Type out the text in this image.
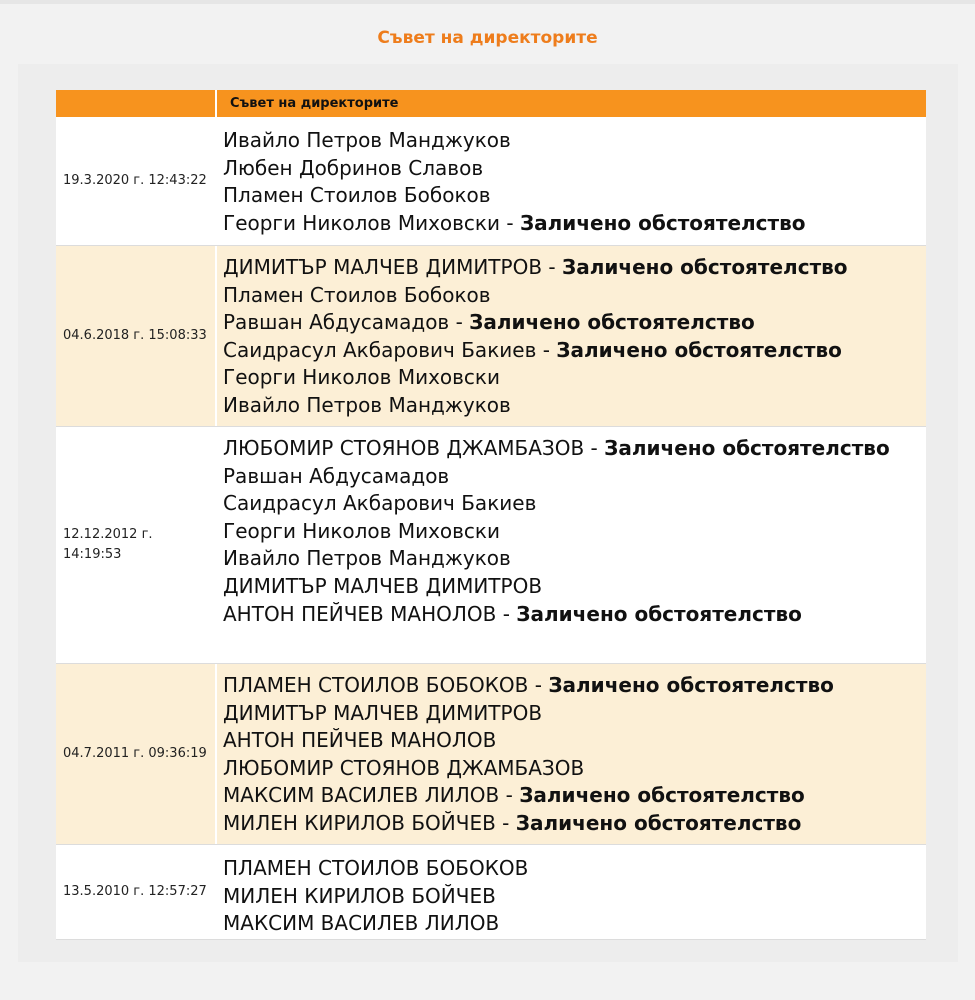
Съвет на директорите
Съвет на директорите
19.3.2020 г. 12:43:22
Ивайло Петров Манджуков
Любен Добринов Славов
Пламен Стоилов Бобоков
Георги Николов Миховски - Заличено обстоятелство
04.6.2018 г. 15:08:33
ДИМИТЪР МАЛЧЕВ ДИМИТРОВ - Заличено обстоятелство
Пламен Стоилов Бобоков
Равшан Абдусамадов - Заличено обстоятелство
Саидрасул Акбарович Бакиев - Заличено обстоятелство
Георги Николов Миховски
Ивайло Петров Манджуков
12.12.2012 г. 14:19:53
ЛЮБОМИР СТОЯНОВ ДЖАМБАЗОВ - Заличено обстоятелство
Равшан Абдусамадов
Саидрасул Акбарович Бакиев
Георги Николов Миховски
Ивайло Петров Манджуков
ДИМИТЪР МАЛЧЕВ ДИМИТРОВ
АНТОН ПЕЙЧЕВ МАНОЛОВ - Заличено обстоятелство
04.7.2011 г. 09:36:19
ПЛАМЕН СТОИЛОВ БОБОКОВ - Заличено обстоятелство
ДИМИТЪР МАЛЧЕВ ДИМИТРОВ
АНТОН ПЕЙЧЕВ МАНОЛОВ
ЛЮБОМИР СТОЯНОВ ДЖАМБАЗОВ
МАКСИМ ВАСИЛЕВ ЛИЛОВ - Заличено обстоятелство
МИЛЕН КИРИЛОВ БОЙЧЕВ - Заличено обстоятелство
13.5.2010 г. 12:57:27
ПЛАМЕН СТОИЛОВ БОБОКОВ
МИЛЕН КИРИЛОВ БОЙЧЕВ
МАКСИМ ВАСИЛЕВ ЛИЛОВ
